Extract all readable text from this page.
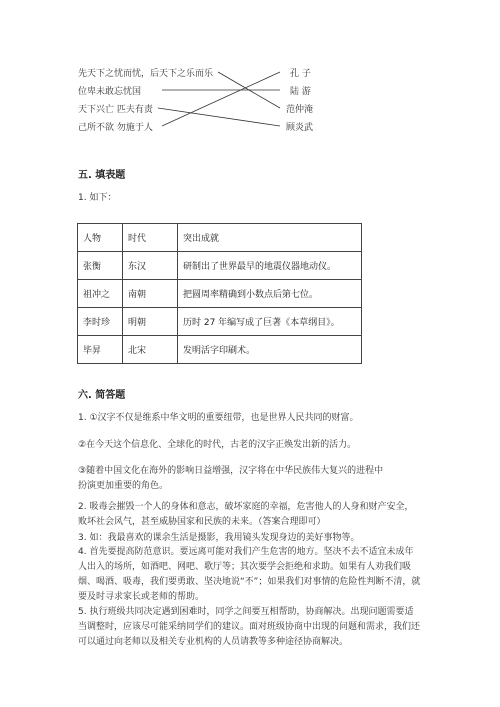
先天下之忧而忧，后天下之乐而乐
位卑未敢忘忧国
天下兴亡 匹夫有责
己所不欲 勿施于人
孔 子
陆 游
范仲淹
顾炎武
五. 填表题
1. 如下：
人物	时代	突出成就
张衡	东汉	研制出了世界最早的地震仪器地动仪。
祖冲之	南朝	把圆周率精确到小数点后第七位。
李时珍	明朝	历时 27 年编写成了巨著《本草纲目》。
毕昇	北宋	发明活字印刷术。
六. 简答题
1. ①汉字不仅是维系中华文明的重要纽带，也是世界人民共同的财富。
②在今天这个信息化、全球化的时代，古老的汉字正焕发出新的活力。
③随着中国文化在海外的影响日益增强，汉字将在中华民族伟大复兴的进程中
扮演更加重要的角色。
2. 吸毒会摧毁一个人的身体和意志，破坏家庭的幸福，危害他人的人身和财产安全，败坏社会风气，甚至威胁国家和民族的未来。（答案合理即可）
3. 如：我最喜欢的课余生活是摄影，我用镜头发现身边的美好事物等。
4. 首先要提高防范意识。要远离可能对我们产生危害的地方。坚决不去不适宜未成年人出入的场所，如酒吧、网吧、歌厅等；其次要学会拒绝和求助。如果有人劝我们吸烟、喝酒、吸毒，我们要勇敢、坚决地说“不”；如果我们对事情的危险性判断不清，就要及时寻求家长或老师的帮助。
5. 执行班级共同决定遇到困难时，同学之间要互相帮助，协商解决。出现问题需要适当调整时，应该尽可能采纳同学们的建议。面对班级协商中出现的问题和需求，我们还可以通过向老师以及相关专业机构的人员请教等多种途径协商解决。
